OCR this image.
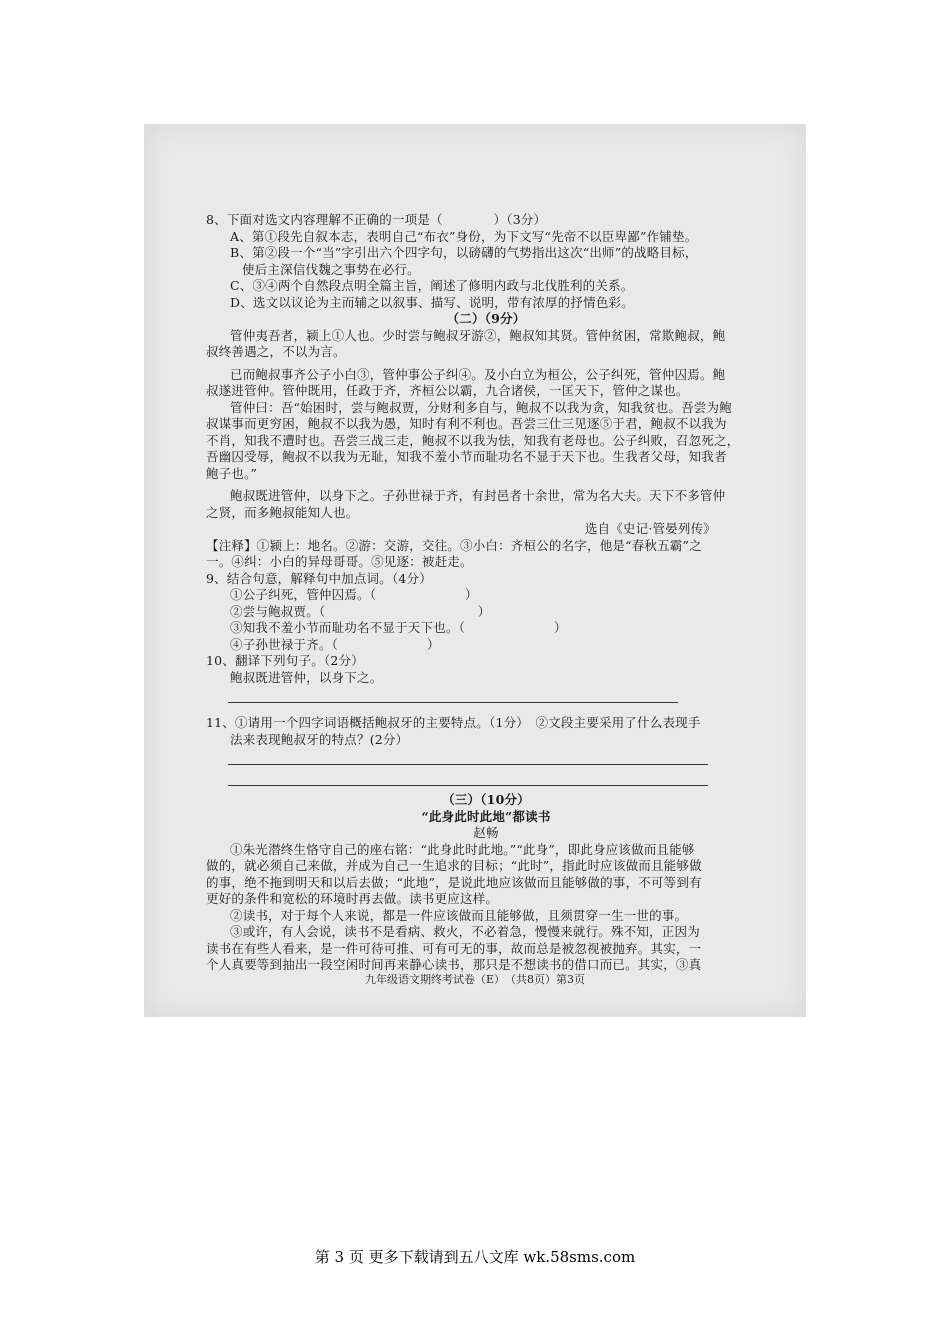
8、下面对选文内容理解不正确的一项是（　　　　）（3分）
A、第①段先自叙本志，表明自己“布衣”身份，为下文写“先帝不以臣卑鄙”作铺垫。
B、第②段一个“当”字引出六个四字句，以磅礴的气势指出这次“出师”的战略目标，
使后主深信伐魏之事势在必行。
C、③④两个自然段点明全篇主旨，阐述了修明内政与北伐胜利的关系。
D、选文以议论为主而辅之以叙事、描写、说明，带有浓厚的抒情色彩。
（二）（9分）
管仲夷吾者，颍上①人也。少时尝与鲍叔牙游②，鲍叔知其贤。管仲贫困，常欺鲍叔，鲍
叔终善遇之，不以为言。
已而鲍叔事齐公子小白③，管仲事公子纠④。及小白立为桓公，公子纠死，管仲囚焉。鲍
叔遂进管仲。管仲既用，任政于齐，齐桓公以霸，九合诸侯，一匡天下，管仲之谋也。
管仲曰：吾“始困时，尝与鲍叔贾，分财利多自与，鲍叔不以我为贪，知我贫也。吾尝为鲍
叔谋事而更穷困，鲍叔不以我为愚，知时有利不利也。吾尝三仕三见逐⑤于君，鲍叔不以我为
不肖，知我不遭时也。吾尝三战三走，鲍叔不以我为怯，知我有老母也。公子纠败，召忽死之，
吾幽囚受辱，鲍叔不以我为无耻，知我不羞小节而耻功名不显于天下也。生我者父母，知我者
鲍子也。”
鲍叔既进管仲，以身下之。子孙世禄于齐，有封邑者十余世，常为名大夫。天下不多管仲
之贤，而多鲍叔能知人也。
选自《史记·管晏列传》
【注释】①颍上：地名。②游：交游，交往。③小白：齐桓公的名字，他是“春秋五霸”之
一。④纠：小白的异母哥哥。⑤见逐：被赶走。
9、结合句意，解释句中加点词。（4分）
①公子纠死，管仲囚焉。（　　　　　　　）
②尝与鲍叔贾。（　　　　　　　　　　　　）
③知我不羞小节而耻功名不显于天下也。（　　　　　　　）
④子孙世禄于齐。（　　　　　　　）
10、翻译下列句子。（2分）
鲍叔既进管仲，以身下之。
11、①请用一个四字词语概括鲍叔牙的主要特点。（1分）　②文段主要采用了什么表现手
法来表现鲍叔牙的特点？(2分）
（三）（10分）
“此身此时此地”都读书
赵畅
①朱光潜终生恪守自己的座右铭：“此身此时此地。”“此身”，即此身应该做而且能够
做的，就必须自己来做，并成为自己一生追求的目标；“此时”，指此时应该做而且能够做
的事，绝不拖到明天和以后去做；“此地”，是说此地应该做而且能够做的事，不可等到有
更好的条件和宽松的环境时再去做。读书更应这样。
②读书，对于每个人来说，都是一件应该做而且能够做，且须贯穿一生一世的事。
③或许，有人会说，读书不是看病、救火，不必着急，慢慢来就行。殊不知，正因为
读书在有些人看来，是一件可待可推、可有可无的事，故而总是被忽视被抛弃。其实，一
个人真要等到抽出一段空闲时间再来静心读书，那只是不想读书的借口而已。其实，③真
九年级语文期终考试卷（E）　（共8页）第3页
第 3 页 更多下载请到五八文库 wk.58sms.com
